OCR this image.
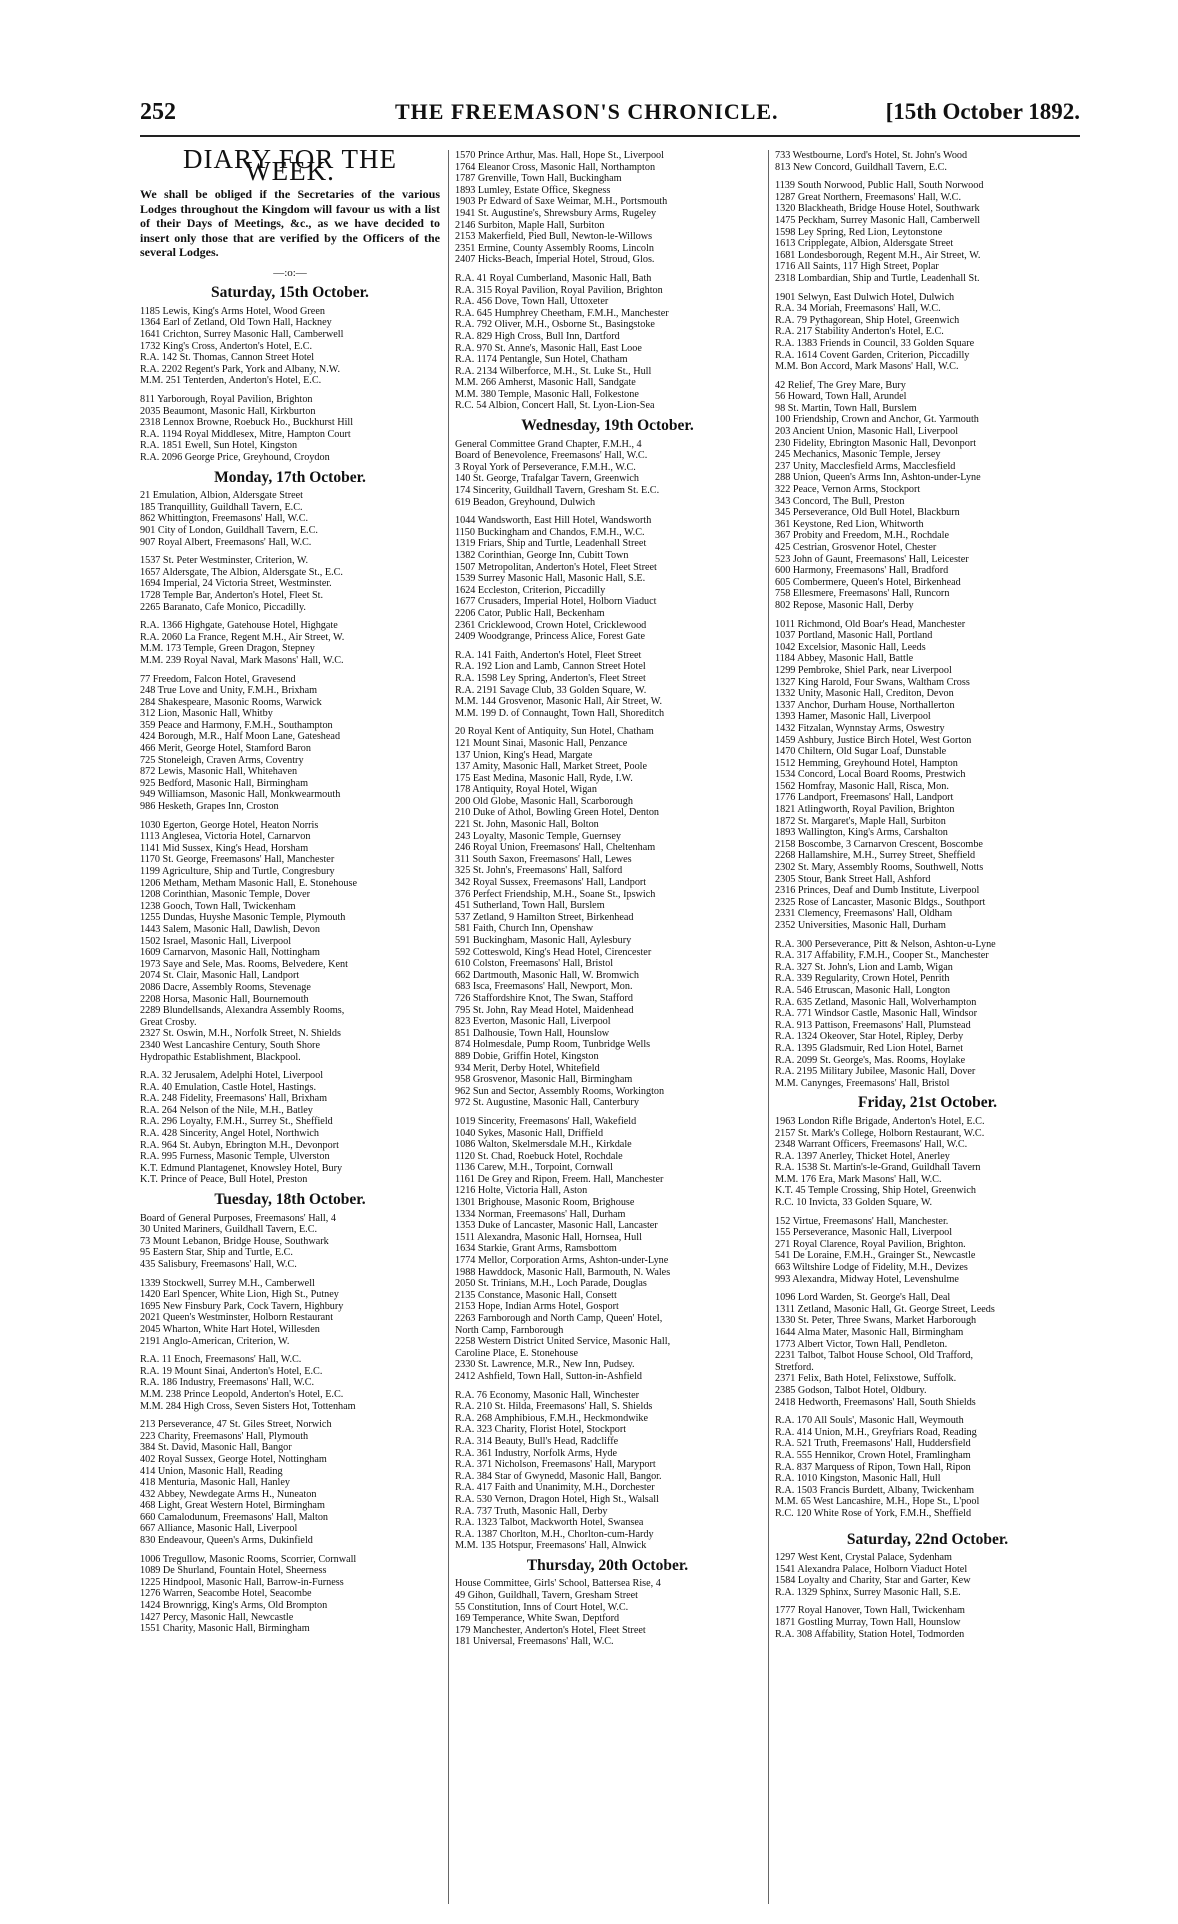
252	THE FREEMASON'S CHRONICLE.	[15th October 1892.
DIARY FOR THE WEEK.
We shall be obliged if the Secretaries of the various Lodges throughout the Kingdom will favour us with a list of their Days of Meetings, &c., as we have decided to insert only those that are verified by the Officers of the several Lodges.
—:o:—
Saturday, 15th October.
1185 Lewis, King's Arms Hotel, Wood Green
1364 Earl of Zetland, Old Town Hall, Hackney
1641 Crichton, Surrey Masonic Hall, Camberwell
1732 King's Cross, Anderton's Hotel, E.C.
R.A. 142 St. Thomas, Cannon Street Hotel
R.A. 2202 Regent's Park, York and Albany, N.W.
M.M. 251 Tenterden, Anderton's Hotel, E.C.
811 Yarborough, Royal Pavilion, Brighton
2035 Beaumont, Masonic Hall, Kirkburton
2318 Lennox Browne, Roebuck Ho., Buckhurst Hill
R.A. 1194 Royal Middlesex, Mitre, Hampton Court
R.A. 1851 Ewell, Sun Hotel, Kingston
R.A. 2096 George Price, Greyhound, Croydon
Monday, 17th October.
21 Emulation, Albion, Aldersgate Street
185 Tranquillity, Guildhall Tavern, E.C.
862 Whittington, Freemasons' Hall, W.C.
901 City of London, Guildhall Tavern, E.C.
907 Royal Albert, Freemasons' Hall, W.C.
1537 St. Peter Westminster, Criterion, W.
1657 Aldersgate, The Albion, Aldersgate St., E.C.
1694 Imperial, 24 Victoria Street, Westminster.
1728 Temple Bar, Anderton's Hotel, Fleet St.
2265 Baranato, Cafe Monico, Piccadilly.
R.A. 1366 Highgate, Gatehouse Hotel, Highgate
R.A. 2060 La France, Regent M.H., Air Street, W.
M.M. 173 Temple, Green Dragon, Stepney
M.M. 239 Royal Naval, Mark Masons' Hall, W.C.
77 Freedom, Falcon Hotel, Gravesend
248 True Love and Unity, F.M.H., Brixham
284 Shakespeare, Masonic Rooms, Warwick
312 Lion, Masonic Hall, Whitby
359 Peace and Harmony, F.M.H., Southampton
424 Borough, M.R., Half Moon Lane, Gateshead
466 Merit, George Hotel, Stamford Baron
725 Stoneleigh, Craven Arms, Coventry
872 Lewis, Masonic Hall, Whitehaven
925 Bedford, Masonic Hall, Birmingham
949 Williamson, Masonic Hall, Monkwearmouth
986 Hesketh, Grapes Inn, Croston
1030 Egerton, George Hotel, Heaton Norris
1113 Anglesea, Victoria Hotel, Carnarvon
1141 Mid Sussex, King's Head, Horsham
1170 St. George, Freemasons' Hall, Manchester
1199 Agriculture, Ship and Turtle, Congresbury
1206 Metham, Metham Masonic Hall, E. Stonehouse
1208 Corinthian, Masonic Temple, Dover
1238 Gooch, Town Hall, Twickenham
1255 Dundas, Huyshe Masonic Temple, Plymouth
1443 Salem, Masonic Hall, Dawlish, Devon
1502 Israel, Masonic Hall, Liverpool
1609 Carnarvon, Masonic Hall, Nottingham
1973 Saye and Sele, Mas. Rooms, Belvedere, Kent
2074 St. Clair, Masonic Hall, Landport
2086 Dacre, Assembly Rooms, Stevenage
2208 Horsa, Masonic Hall, Bournemouth
2289 Blundellsands, Alexandra Assembly Rooms,
Great Crosby.
2327 St. Oswin, M.H., Norfolk Street, N. Shields
2340 West Lancashire Century, South Shore
Hydropathic Establishment, Blackpool.
R.A. 32 Jerusalem, Adelphi Hotel, Liverpool
R.A. 40 Emulation, Castle Hotel, Hastings.
R.A. 248 Fidelity, Freemasons' Hall, Brixham
R.A. 264 Nelson of the Nile, M.H., Batley
R.A. 296 Loyalty, F.M.H., Surrey St., Sheffield
R.A. 428 Sincerity, Angel Hotel, Northwich
R.A. 964 St. Aubyn, Ebrington M.H., Devonport
R.A. 995 Furness, Masonic Temple, Ulverston
K.T. Edmund Plantagenet, Knowsley Hotel, Bury
K.T. Prince of Peace, Bull Hotel, Preston
Tuesday, 18th October.
Board of General Purposes, Freemasons' Hall, 4
30 United Mariners, Guildhall Tavern, E.C.
73 Mount Lebanon, Bridge House, Southwark
95 Eastern Star, Ship and Turtle, E.C.
435 Salisbury, Freemasons' Hall, W.C.
1339 Stockwell, Surrey M.H., Camberwell
1420 Earl Spencer, White Lion, High St., Putney
1695 New Finsbury Park, Cock Tavern, Highbury
2021 Queen's Westminster, Holborn Restaurant
2045 Wharton, White Hart Hotel, Willesden
2191 Anglo-American, Criterion, W.
R.A. 11 Enoch, Freemasons' Hall, W.C.
R.A. 19 Mount Sinai, Anderton's Hotel, E.C.
R.A. 186 Industry, Freemasons' Hall, W.C.
M.M. 238 Prince Leopold, Anderton's Hotel, E.C.
M.M. 284 High Cross, Seven Sisters Hot, Tottenham
213 Perseverance, 47 St. Giles Street, Norwich
223 Charity, Freemasons' Hall, Plymouth
384 St. David, Masonic Hall, Bangor
402 Royal Sussex, George Hotel, Nottingham
414 Union, Masonic Hall, Reading
418 Menturia, Masonic Hall, Hanley
432 Abbey, Newdegate Arms H., Nuneaton
468 Light, Great Western Hotel, Birmingham
660 Camalodunum, Freemasons' Hall, Malton
667 Alliance, Masonic Hall, Liverpool
830 Endeavour, Queen's Arms, Dukinfield
1006 Tregullow, Masonic Rooms, Scorrier, Cornwall
1089 De Shurland, Fountain Hotel, Sheerness
1225 Hindpool, Masonic Hall, Barrow-in-Furness
1276 Warren, Seacombe Hotel, Seacombe
1424 Brownrigg, King's Arms, Old Brompton
1427 Percy, Masonic Hall, Newcastle
1551 Charity, Masonic Hall, Birmingham
1570 Prince Arthur, Mas. Hall, Hope St., Liverpool
1764 Eleanor Cross, Masonic Hall, Northampton
1787 Grenville, Town Hall, Buckingham
1893 Lumley, Estate Office, Skegness
1903 Pr Edward of Saxe Weimar, M.H., Portsmouth
1941 St. Augustine's, Shrewsbury Arms, Rugeley
2146 Surbiton, Maple Hall, Surbiton
2153 Makerfield, Pied Bull, Newton-le-Willows
2351 Ermine, County Assembly Rooms, Lincoln
2407 Hicks-Beach, Imperial Hotel, Stroud, Glos.
R.A. 41 Royal Cumberland, Masonic Hall, Bath
R.A. 315 Royal Pavilion, Royal Pavilion, Brighton
R.A. 456 Dove, Town Hall, Uttoxeter
R.A. 645 Humphrey Cheetham, F.M.H., Manchester
R.A. 792 Oliver, M.H., Osborne St., Basingstoke
R.A. 829 High Cross, Bull Inn, Dartford
R.A. 970 St. Anne's, Masonic Hall, East Looe
R.A. 1174 Pentangle, Sun Hotel, Chatham
R.A. 2134 Wilberforce, M.H., St. Luke St., Hull
M.M. 266 Amherst, Masonic Hall, Sandgate
M.M. 380 Temple, Masonic Hall, Folkestone
R.C. 54 Albion, Concert Hall, St. Lyon-Lion-Sea
Wednesday, 19th October.
General Committee Grand Chapter, F.M.H., 4
Board of Benevolence, Freemasons' Hall, W.C.
3 Royal York of Perseverance, F.M.H., W.C.
140 St. George, Trafalgar Tavern, Greenwich
174 Sincerity, Guildhall Tavern, Gresham St. E.C.
619 Beadon, Greyhound, Dulwich
1044 Wandsworth, East Hill Hotel, Wandsworth
1150 Buckingham and Chandos, F.M.H., W.C.
1319 Friars, Ship and Turtle, Leadenhall Street
1382 Corinthian, George Inn, Cubitt Town
1507 Metropolitan, Anderton's Hotel, Fleet Street
1539 Surrey Masonic Hall, Masonic Hall, S.E.
1624 Eccleston, Criterion, Piccadilly
1677 Crusaders, Imperial Hotel, Holborn Viaduct
2206 Cator, Public Hall, Beckenham
2361 Cricklewood, Crown Hotel, Cricklewood
2409 Woodgrange, Princess Alice, Forest Gate
R.A. 141 Faith, Anderton's Hotel, Fleet Street
R.A. 192 Lion and Lamb, Cannon Street Hotel
R.A. 1598 Ley Spring, Anderton's, Fleet Street
R.A. 2191 Savage Club, 33 Golden Square, W.
M.M. 144 Grosvenor, Masonic Hall, Air Street, W.
M.M. 199 D. of Connaught, Town Hall, Shoreditch
20 Royal Kent of Antiquity, Sun Hotel, Chatham
121 Mount Sinai, Masonic Hall, Penzance
137 Union, King's Head, Margate
137 Amity, Masonic Hall, Market Street, Poole
175 East Medina, Masonic Hall, Ryde, I.W.
178 Antiquity, Royal Hotel, Wigan
200 Old Globe, Masonic Hall, Scarborough
210 Duke of Athol, Bowling Green Hotel, Denton
221 St. John, Masonic Hall, Bolton
243 Loyalty, Masonic Temple, Guernsey
246 Royal Union, Freemasons' Hall, Cheltenham
311 South Saxon, Freemasons' Hall, Lewes
325 St. John's, Freemasons' Hall, Salford
342 Royal Sussex, Freemasons' Hall, Landport
376 Perfect Friendship, M.H., Soane St., Ipswich
451 Sutherland, Town Hall, Burslem
537 Zetland, 9 Hamilton Street, Birkenhead
581 Faith, Church Inn, Openshaw
591 Buckingham, Masonic Hall, Aylesbury
592 Cotteswold, King's Head Hotel, Cirencester
610 Colston, Freemasons' Hall, Bristol
662 Dartmouth, Masonic Hall, W. Bromwich
683 Isca, Freemasons' Hall, Newport, Mon.
726 Staffordshire Knot, The Swan, Stafford
795 St. John, Ray Mead Hotel, Maidenhead
823 Everton, Masonic Hall, Liverpool
851 Dalhousie, Town Hall, Hounslow
874 Holmesdale, Pump Room, Tunbridge Wells
889 Dobie, Griffin Hotel, Kingston
934 Merit, Derby Hotel, Whitefield
958 Grosvenor, Masonic Hall, Birmingham
962 Sun and Sector, Assembly Rooms, Workington
972 St. Augustine, Masonic Hall, Canterbury
1019 Sincerity, Freemasons' Hall, Wakefield
1040 Sykes, Masonic Hall, Driffield
1086 Walton, Skelmersdale M.H., Kirkdale
1120 St. Chad, Roebuck Hotel, Rochdale
1136 Carew, M.H., Torpoint, Cornwall
1161 De Grey and Ripon, Freem. Hall, Manchester
1216 Holte, Victoria Hall, Aston
1301 Brighouse, Masonic Room, Brighouse
1334 Norman, Freemasons' Hall, Durham
1353 Duke of Lancaster, Masonic Hall, Lancaster
1511 Alexandra, Masonic Hall, Hornsea, Hull
1634 Starkie, Grant Arms, Ramsbottom
1774 Mellor, Corporation Arms, Ashton-under-Lyne
1988 Hawddock, Masonic Hall, Barmouth, N. Wales
2050 St. Trinians, M.H., Loch Parade, Douglas
2135 Constance, Masonic Hall, Consett
2153 Hope, Indian Arms Hotel, Gosport
2263 Farnborough and North Camp, Queen' Hotel,
North Camp, Farnborough
2258 Western District United Service, Masonic Hall,
Caroline Place, E. Stonehouse
2330 St. Lawrence, M.R., New Inn, Pudsey.
2412 Ashfield, Town Hall, Sutton-in-Ashfield
R.A. 76 Economy, Masonic Hall, Winchester
R.A. 210 St. Hilda, Freemasons' Hall, S. Shields
R.A. 268 Amphibious, F.M.H., Heckmondwike
R.A. 323 Charity, Florist Hotel, Stockport
R.A. 314 Beauty, Bull's Head, Radcliffe
R.A. 361 Industry, Norfolk Arms, Hyde
R.A. 371 Nicholson, Freemasons' Hall, Maryport
R.A. 384 Star of Gwynedd, Masonic Hall, Bangor.
R.A. 417 Faith and Unanimity, M.H., Dorchester
R.A. 530 Vernon, Dragon Hotel, High St., Walsall
R.A. 737 Truth, Masonic Hall, Derby
R.A. 1323 Talbot, Mackworth Hotel, Swansea
R.A. 1387 Chorlton, M.H., Chorlton-cum-Hardy
M.M. 135 Hotspur, Freemasons' Hall, Alnwick
Thursday, 20th October.
House Committee, Girls' School, Battersea Rise, 4
49 Gihon, Guildhall, Tavern, Gresham Street
55 Constitution, Inns of Court Hotel, W.C.
169 Temperance, White Swan, Deptford
179 Manchester, Anderton's Hotel, Fleet Street
181 Universal, Freemasons' Hall, W.C.
733 Westbourne, Lord's Hotel, St. John's Wood
813 New Concord, Guildhall Tavern, E.C.
1139 South Norwood, Public Hall, South Norwood
1287 Great Northern, Freemasons' Hall, W.C.
1320 Blackheath, Bridge House Hotel, Southwark
1475 Peckham, Surrey Masonic Hall, Camberwell
1598 Ley Spring, Red Lion, Leytonstone
1613 Cripplegate, Albion, Aldersgate Street
1681 Londesborough, Regent M.H., Air Street, W.
1716 All Saints, 117 High Street, Poplar
2318 Lombardian, Ship and Turtle, Leadenhall St.
1901 Selwyn, East Dulwich Hotel, Dulwich
R.A. 34 Moriah, Freemasons' Hall, W.C.
R.A. 79 Pythagorean, Ship Hotel, Greenwich
R.A. 217 Stability Anderton's Hotel, E.C.
R.A. 1383 Friends in Council, 33 Golden Square
R.A. 1614 Covent Garden, Criterion, Piccadilly
M.M. Bon Accord, Mark Masons' Hall, W.C.
42 Relief, The Grey Mare, Bury
56 Howard, Town Hall, Arundel
98 St. Martin, Town Hall, Burslem
100 Friendship, Crown and Anchor, Gt. Yarmouth
203 Ancient Union, Masonic Hall, Liverpool
230 Fidelity, Ebrington Masonic Hall, Devonport
245 Mechanics, Masonic Temple, Jersey
237 Unity, Macclesfield Arms, Macclesfield
288 Union, Queen's Arms Inn, Ashton-under-Lyne
322 Peace, Vernon Arms, Stockport
343 Concord, The Bull, Preston
345 Perseverance, Old Bull Hotel, Blackburn
361 Keystone, Red Lion, Whitworth
367 Probity and Freedom, M.H., Rochdale
425 Cestrian, Grosvenor Hotel, Chester
523 John of Gaunt, Freemasons' Hall, Leicester
600 Harmony, Freemasons' Hall, Bradford
605 Combermere, Queen's Hotel, Birkenhead
758 Ellesmere, Freemasons' Hall, Runcorn
802 Repose, Masonic Hall, Derby
1011 Richmond, Old Boar's Head, Manchester
1037 Portland, Masonic Hall, Portland
1042 Excelsior, Masonic Hall, Leeds
1184 Abbey, Masonic Hall, Battle
1299 Pembroke, Shiel Park, near Liverpool
1327 King Harold, Four Swans, Waltham Cross
1332 Unity, Masonic Hall, Crediton, Devon
1337 Anchor, Durham House, Northallerton
1393 Hamer, Masonic Hall, Liverpool
1432 Fitzalan, Wynnstay Arms, Oswestry
1459 Ashbury, Justice Birch Hotel, West Gorton
1470 Chiltern, Old Sugar Loaf, Dunstable
1512 Hemming, Greyhound Hotel, Hampton
1534 Concord, Local Board Rooms, Prestwich
1562 Homfray, Masonic Hall, Risca, Mon.
1776 Landport, Freemasons' Hall, Landport
1821 Atlingworth, Royal Pavilion, Brighton
1872 St. Margaret's, Maple Hall, Surbiton
1893 Wallington, King's Arms, Carshalton
2158 Boscombe, 3 Carnarvon Crescent, Boscombe
2268 Hallamshire, M.H., Surrey Street, Sheffield
2302 St. Mary, Assembly Rooms, Southwell, Notts
2305 Stour, Bank Street Hall, Ashford
2316 Princes, Deaf and Dumb Institute, Liverpool
2325 Rose of Lancaster, Masonic Bldgs., Southport
2331 Clemency, Freemasons' Hall, Oldham
2352 Universities, Masonic Hall, Durham
R.A. 300 Perseverance, Pitt & Nelson, Ashton-u-Lyne
R.A. 317 Affability, F.M.H., Cooper St., Manchester
R.A. 327 St. John's, Lion and Lamb, Wigan
R.A. 339 Regularity, Crown Hotel, Penrith
R.A. 546 Etruscan, Masonic Hall, Longton
R.A. 635 Zetland, Masonic Hall, Wolverhampton
R.A. 771 Windsor Castle, Masonic Hall, Windsor
R.A. 913 Pattison, Freemasons' Hall, Plumstead
R.A. 1324 Okeover, Star Hotel, Ripley, Derby
R.A. 1395 Gladsmuir, Red Lion Hotel, Barnet
R.A. 2099 St. George's, Mas. Rooms, Hoylake
R.A. 2195 Military Jubilee, Masonic Hall, Dover
M.M. Canynges, Freemasons' Hall, Bristol
Friday, 21st October.
1963 London Rifle Brigade, Anderton's Hotel, E.C.
2157 St. Mark's College, Holborn Restaurant, W.C.
2348 Warrant Officers, Freemasons' Hall, W.C.
R.A. 1397 Anerley, Thicket Hotel, Anerley
R.A. 1538 St. Martin's-le-Grand, Guildhall Tavern
M.M. 176 Era, Mark Masons' Hall, W.C.
K.T. 45 Temple Crossing, Ship Hotel, Greenwich
R.C. 10 Invicta, 33 Golden Square, W.
152 Virtue, Freemasons' Hall, Manchester.
155 Perseverance, Masonic Hall, Liverpool
271 Royal Clarence, Royal Pavilion, Brighton.
541 De Loraine, F.M.H., Grainger St., Newcastle
663 Wiltshire Lodge of Fidelity, M.H., Devizes
993 Alexandra, Midway Hotel, Levenshulme
1096 Lord Warden, St. George's Hall, Deal
1311 Zetland, Masonic Hall, Gt. George Street, Leeds
1330 St. Peter, Three Swans, Market Harborough
1644 Alma Mater, Masonic Hall, Birmingham
1773 Albert Victor, Town Hall, Pendleton.
2231 Talbot, Talbot House School, Old Trafford,
Stretford.
2371 Felix, Bath Hotel, Felixstowe, Suffolk.
2385 Godson, Talbot Hotel, Oldbury.
2418 Hedworth, Freemasons' Hall, South Shields
R.A. 170 All Souls', Masonic Hall, Weymouth
R.A. 414 Union, M.H., Greyfriars Road, Reading
R.A. 521 Truth, Freemasons' Hall, Huddersfield
R.A. 555 Hennikor, Crown Hotel, Framlingham
R.A. 837 Marquess of Ripon, Town Hall, Ripon
R.A. 1010 Kingston, Masonic Hall, Hull
R.A. 1503 Francis Burdett, Albany, Twickenham
M.M. 65 West Lancashire, M.H., Hope St., L'pool
R.C. 120 White Rose of York, F.M.H., Sheffield
Saturday, 22nd October.
1297 West Kent, Crystal Palace, Sydenham
1541 Alexandra Palace, Holborn Viaduct Hotel
1584 Loyalty and Charity, Star and Garter, Kew
R.A. 1329 Sphinx, Surrey Masonic Hall, S.E.
1777 Royal Hanover, Town Hall, Twickenham
1871 Gostling Murray, Town Hall, Hounslow
R.A. 308 Affability, Station Hotel, Todmorden
